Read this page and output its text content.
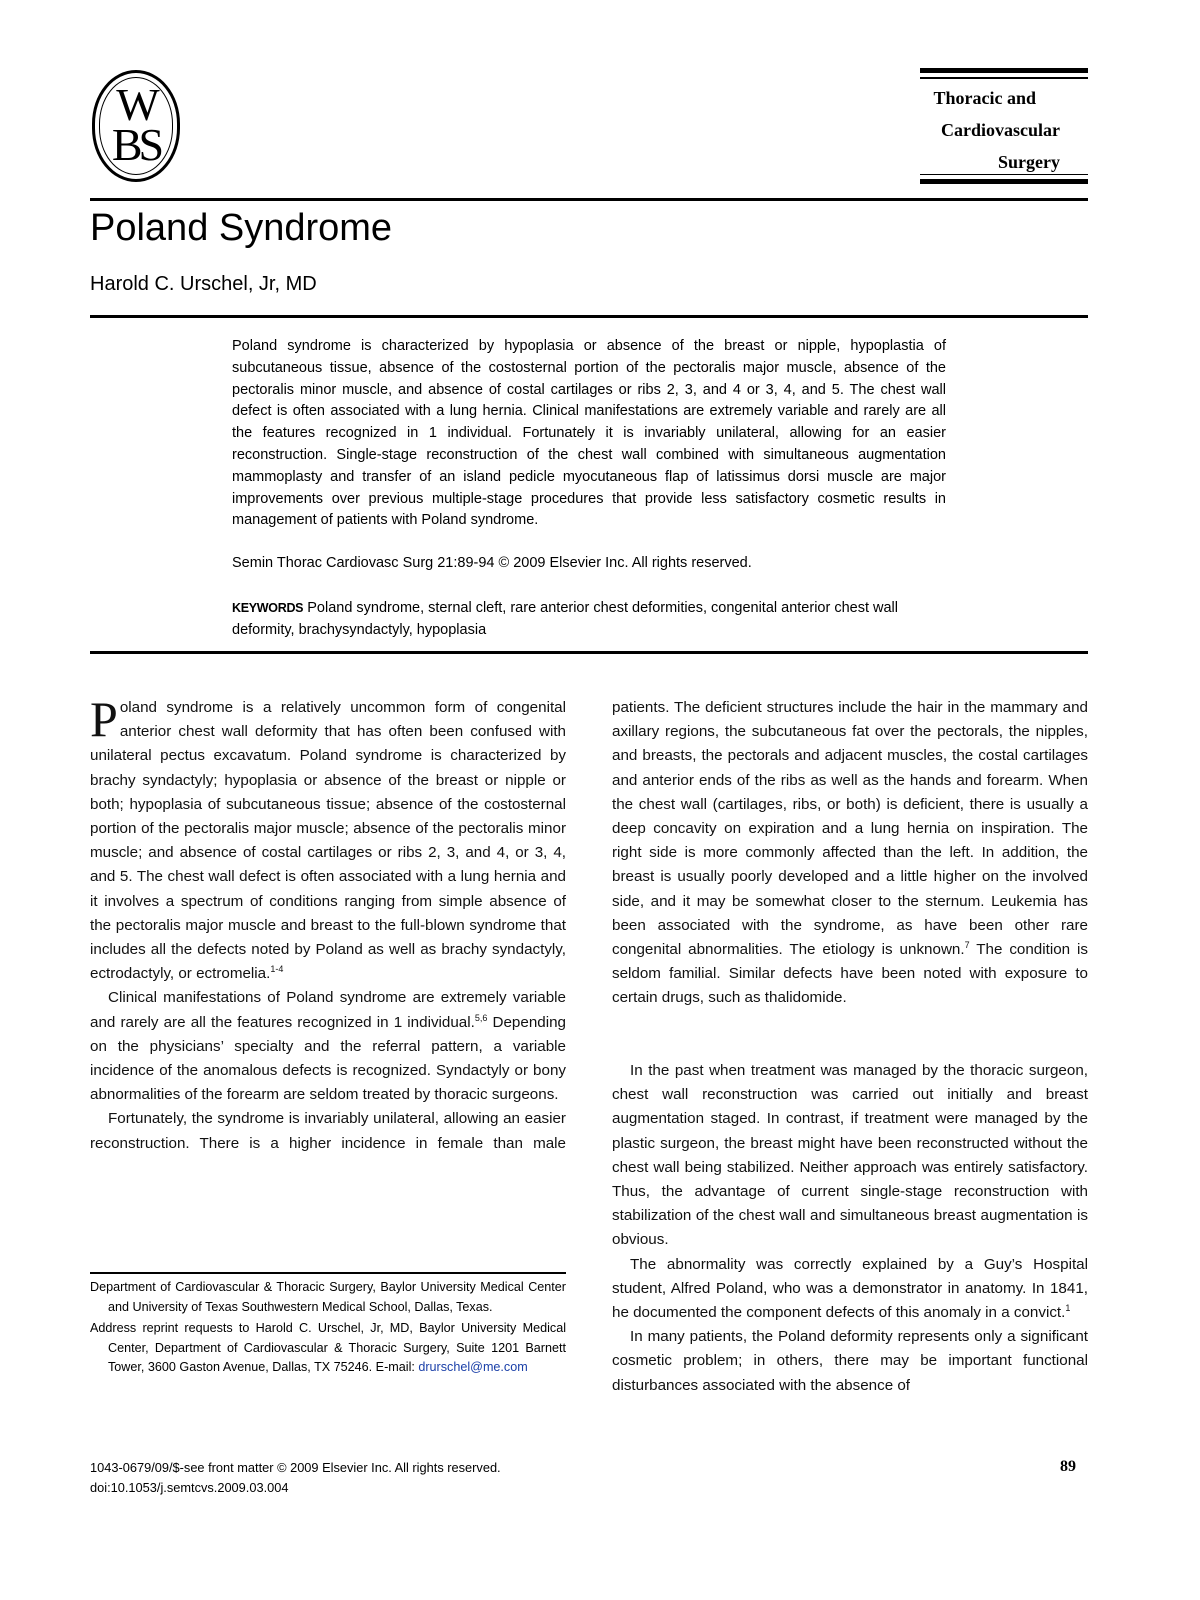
W
BS
Thoracic and
Cardiovascular
Surgery
Poland Syndrome
Harold C. Urschel, Jr, MD

Poland syndrome is characterized by hypoplasia or absence of the breast or nipple, hypoplastia of subcutaneous tissue, absence of the costosternal portion of the pectoralis major muscle, absence of the pectoralis minor muscle, and absence of costal cartilages or ribs 2, 3, and 4 or 3, 4, and 5. The chest wall defect is often associated with a lung hernia. Clinical manifestations are extremely variable and rarely are all the features recognized in 1 individual. Fortunately it is invariably unilateral, allowing for an easier reconstruction. Single-stage reconstruction of the chest wall combined with simultaneous augmentation mammoplasty and transfer of an island pedicle myocutaneous flap of latissimus dorsi muscle are major improvements over previous multiple-stage procedures that provide less satisfactory cosmetic results in management of patients with Poland syndrome.

Semin Thorac Cardiovasc Surg 21:89-94 © 2009 Elsevier Inc. All rights reserved.
KEYWORDS Poland syndrome, sternal cleft, rare anterior chest deformities, congenital anterior chest wall deformity, brachysyndactyly, hypoplasia

Poland syndrome is a relatively uncommon form of congenital anterior chest wall deformity that has often been confused with unilateral pectus excavatum. Poland syndrome is characterized by brachy syndactyly; hypoplasia or absence of the breast or nipple or both; hypoplasia of subcutaneous tissue; absence of the costosternal portion of the pectoralis major muscle; absence of the pectoralis minor muscle; and absence of costal cartilages or ribs 2, 3, and 4, or 3, 4, and 5. The chest wall defect is often associated with a lung hernia and it involves a spectrum of conditions ranging from simple absence of the pectoralis major muscle and breast to the full-blown syndrome that includes all the defects noted by Poland as well as brachy syndactyly, ectrodactyly, or ectromelia.$^{1-4}$

Clinical manifestations of Poland syndrome are extremely variable and rarely are all the features recognized in 1 individual.$^{5,6}$ Depending on the physicians’ specialty and the referral pattern, a variable incidence of the anomalous defects is recognized. Syndactyly or bony abnormalities of the forearm are seldom treated by thoracic surgeons.

Fortunately, the syndrome is invariably unilateral, allowing an easier reconstruction. There is a higher incidence in female than male

patients. The deficient structures include the hair in the mammary and axillary regions, the subcutaneous fat over the pectorals, the nipples, and breasts, the pectorals and adjacent muscles, the costal cartilages and anterior ends of the ribs as well as the hands and forearm. When the chest wall (cartilages, ribs, or both) is deficient, there is usually a deep concavity on expiration and a lung hernia on inspiration. The right side is more commonly affected than the left. In addition, the breast is usually poorly developed and a little higher on the involved side, and it may be somewhat closer to the sternum. Leukemia has been associated with the syndrome, as have been other rare congenital abnormalities. The etiology is unknown.$^7$ The condition is seldom familial. Similar defects have been noted with exposure to certain drugs, such as thalidomide.

In the past when treatment was managed by the thoracic surgeon, chest wall reconstruction was carried out initially and breast augmentation staged. In contrast, if treatment were managed by the plastic surgeon, the breast might have been reconstructed without the chest wall being stabilized. Neither approach was entirely satisfactory. Thus, the advantage of current single-stage reconstruction with stabilization of the chest wall and simultaneous breast augmentation is obvious.

The abnormality was correctly explained by a Guy’s Hospital student, Alfred Poland, who was a demonstrator in anatomy. In 1841, he documented the component defects of this anomaly in a convict.$^1$

In many patients, the Poland deformity represents only a significant cosmetic problem; in others, there may be important functional disturbances associated with the absence of

Department of Cardiovascular & Thoracic Surgery, Baylor University Medical Center and University of Texas Southwestern Medical School, Dallas, Texas.

Address reprint requests to Harold C. Urschel, Jr, MD, Baylor University Medical Center, Department of Cardiovascular & Thoracic Surgery, Suite 1201 Barnett Tower, 3600 Gaston Avenue, Dallas, TX 75246. E-mail: drurschel@me.com

1043-0679/09/$-see front matter © 2009 Elsevier Inc. All rights reserved.
doi:10.1053/j.semtcvs.2009.03.004
89
